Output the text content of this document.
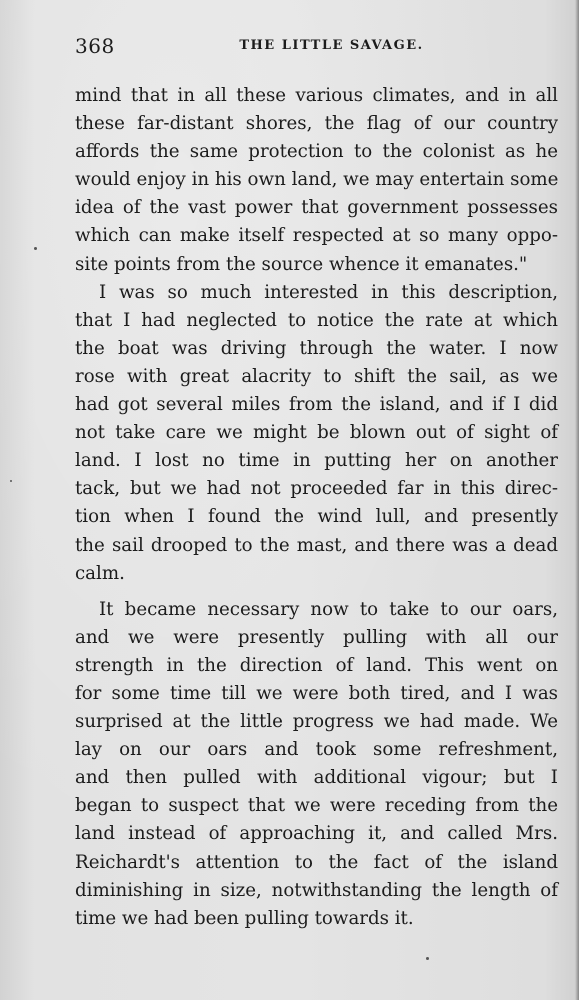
368	THE LITTLE SAVAGE.

mind that in all these various climates, and in all
these far-distant shores, the flag of our country
affords the same protection to the colonist as he
would enjoy in his own land, we may entertain some
idea of the vast power that government possesses
which can make itself respected at so many oppo-
site points from the source whence it emanates."

I was so much interested in this description,
that I had neglected to notice the rate at which
the boat was driving through the water. I now
rose with great alacrity to shift the sail, as we
had got several miles from the island, and if I did
not take care we might be blown out of sight of
land. I lost no time in putting her on another
tack, but we had not proceeded far in this direc-
tion when I found the wind lull, and presently
the sail drooped to the mast, and there was a dead
calm.

It became necessary now to take to our oars,
and we were presently pulling with all our
strength in the direction of land. This went on
for some time till we were both tired, and I was
surprised at the little progress we had made. We
lay on our oars and took some refreshment,
and then pulled with additional vigour; but I
began to suspect that we were receding from the
land instead of approaching it, and called Mrs.
Reichardt's attention to the fact of the island
diminishing in size, notwithstanding the length of
time we had been pulling towards it.
